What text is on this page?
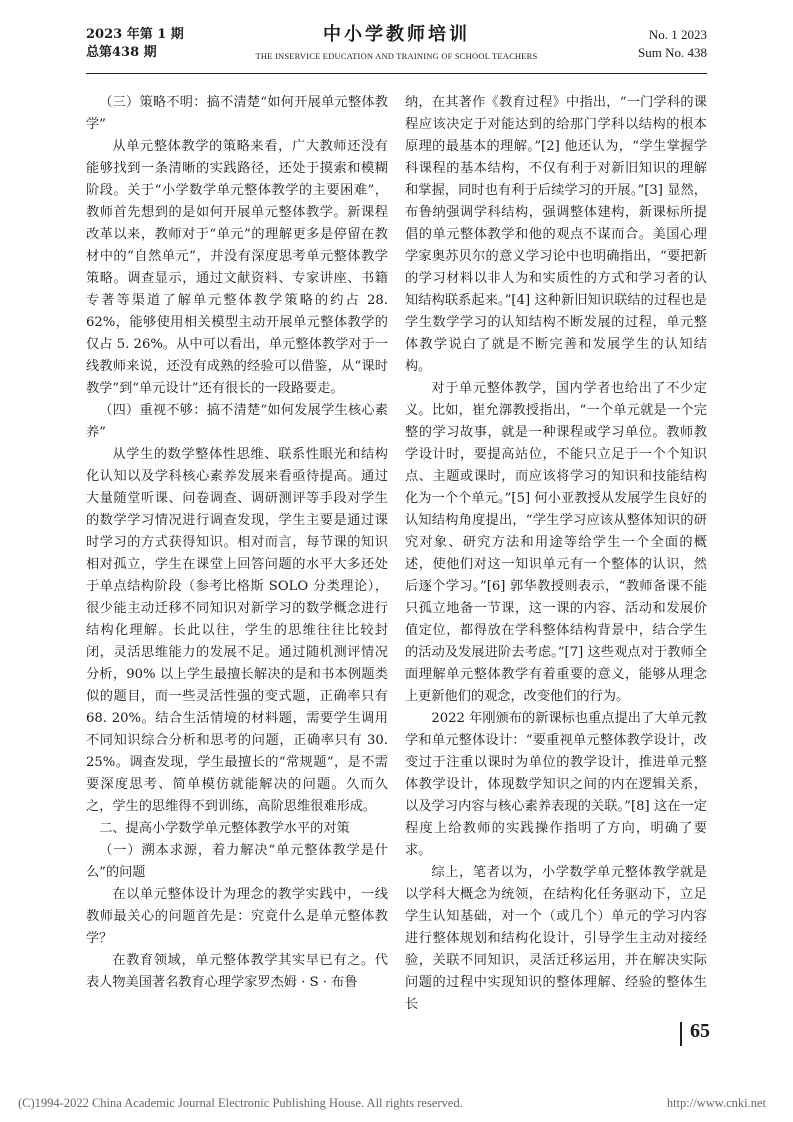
2023 年第 1 期
总第438 期
中小学教师培训
THE INSERVICE EDUCATION AND TRAINING OF SCHOOL TEACHERS
No. 1 2023
Sum No. 438

（三）策略不明：搞不清楚“如何开展单元整体教学”

从单元整体教学的策略来看，广大教师还没有能够找到一条清晰的实践路径，还处于摸索和模糊阶段。关于“小学数学单元整体教学的主要困难”，教师首先想到的是如何开展单元整体教学。新课程改革以来，教师对于“单元”的理解更多是停留在教材中的“自然单元”，并没有深度思考单元整体教学策略。调查显示，通过文献资料、专家讲座、书籍专著等渠道了解单元整体教学策略的约占 28. 62%，能够使用相关模型主动开展单元整体教学的仅占 5. 26%。从中可以看出，单元整体教学对于一线教师来说，还没有成熟的经验可以借鉴，从“课时教学”到“单元设计”还有很长的一段路要走。

（四）重视不够：搞不清楚“如何发展学生核心素养”

从学生的数学整体性思维、联系性眼光和结构化认知以及学科核心素养发展来看亟待提高。通过大量随堂听课、问卷调查、调研测评等手段对学生的数学学习情况进行调查发现，学生主要是通过课时学习的方式获得知识。相对而言，每节课的知识相对孤立，学生在课堂上回答问题的水平大多还处于单点结构阶段（参考比格斯 SOLO 分类理论），很少能主动迁移不同知识对新学习的数学概念进行结构化理解。长此以往，学生的思维往往比较封闭，灵活思维能力的发展不足。通过随机测评情况分析，90% 以上学生最擅长解决的是和书本例题类似的题目，而一些灵活性强的变式题，正确率只有 68. 20%。结合生活情境的材料题，需要学生调用不同知识综合分析和思考的问题，正确率只有 30. 25%。调查发现，学生最擅长的“常规题”，是不需要深度思考、简单模仿就能解决的问题。久而久之，学生的思维得不到训练，高阶思维很难形成。

二、提高小学数学单元整体教学水平的对策

（一）溯本求源，着力解决“单元整体教学是什么”的问题

在以单元整体设计为理念的教学实践中，一线教师最关心的问题首先是：究竟什么是单元整体教学？

在教育领域，单元整体教学其实早已有之。代表人物美国著名教育心理学家罗杰姆 · S · 布鲁

纳，在其著作《教育过程》中指出，“一门学科的课程应该决定于对能达到的给那门学科以结构的根本原理的最基本的理解。”[2] 他还认为，“学生掌握学科课程的基本结构，不仅有利于对新旧知识的理解和掌握，同时也有利于后续学习的开展。”[3] 显然，布鲁纳强调学科结构，强调整体建构，新课标所提倡的单元整体教学和他的观点不谋而合。美国心理学家奥苏贝尔的意义学习论中也明确指出，“要把新的学习材料以非人为和实质性的方式和学习者的认知结构联系起来。”[4] 这种新旧知识联结的过程也是学生数学学习的认知结构不断发展的过程，单元整体教学说白了就是不断完善和发展学生的认知结构。

对于单元整体教学，国内学者也给出了不少定义。比如，崔允漷教授指出，“一个单元就是一个完整的学习故事，就是一种课程或学习单位。教师教学设计时，要提高站位，不能只立足于一个个知识点、主题或课时，而应该将学习的知识和技能结构化为一个个单元。”[5] 何小亚教授从发展学生良好的认知结构角度提出，“学生学习应该从整体知识的研究对象、研究方法和用途等给学生一个全面的概述，使他们对这一知识单元有一个整体的认识，然后逐个学习。”[6] 郭华教授则表示，“教师备课不能只孤立地备一节课，这一课的内容、活动和发展价值定位，都得放在学科整体结构背景中，结合学生的活动及发展进阶去考虑。”[7] 这些观点对于教师全面理解单元整体教学有着重要的意义，能够从理念上更新他们的观念，改变他们的行为。

2022 年刚颁布的新课标也重点提出了大单元教学和单元整体设计：“要重视单元整体教学设计，改变过于注重以课时为单位的教学设计，推进单元整体教学设计，体现数学知识之间的内在逻辑关系，以及学习内容与核心素养表现的关联。”[8] 这在一定程度上给教师的实践操作指明了方向，明确了要求。

综上，笔者以为，小学数学单元整体教学就是以学科大概念为统领，在结构化任务驱动下，立足学生认知基础，对一个（或几个）单元的学习内容进行整体规划和结构化设计，引导学生主动对接经验，关联不同知识，灵活迁移运用，并在解决实际问题的过程中实现知识的整体理解、经验的整体生长

65
(C)1994-2022 China Academic Journal Electronic Publishing House. All rights reserved.	http://www.cnki.net
